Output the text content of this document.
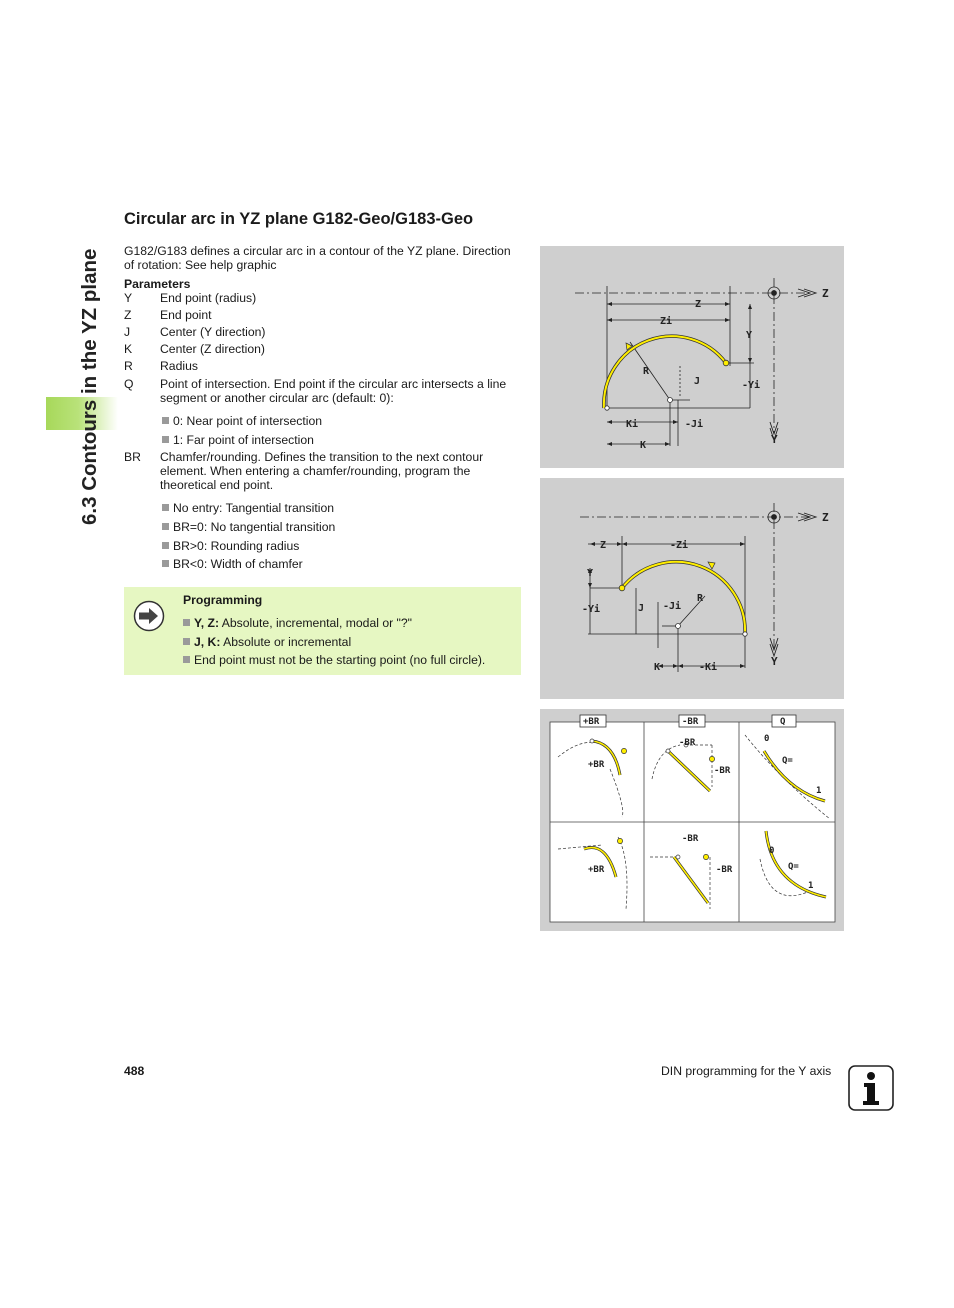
6.3 Contours in the YZ plane
Circular arc in YZ plane G182-Geo/G183-Geo
G182/G183 defines a circular arc in a contour of the YZ plane. Direction of rotation: See help graphic
Parameters
Y End point (radius)
Z End point
J Center (Y direction)
K Center (Z direction)
R Radius
Q Point of intersection. End point if the circular arc intersects a line segment or another circular arc (default: 0):
0: Near point of intersection
1: Far point of intersection
BR Chamfer/rounding. Defines the transition to the next contour element. When entering a chamfer/rounding, program the theoretical end point.
No entry: Tangential transition
BR=0: No tangential transition
BR>0: Rounding radius
BR<0: Width of chamfer
Programming
Y, Z: Absolute, incremental, modal or "?"
J, K: Absolute or incremental
End point must not be the starting point (no full circle).
Z
Y
Z
Zi
Y
-Yi
R
J
Ki	-Ji
K
Z
Y
Z	-Zi
Y
-Yi	J -Ji
R
K	-Ki
+BR	-BR	Q
+BR
-BR
-BR
0
Q=
1
-BR
+BR	-BR
0
Q=
1
488	DIN programming for the Y axis
